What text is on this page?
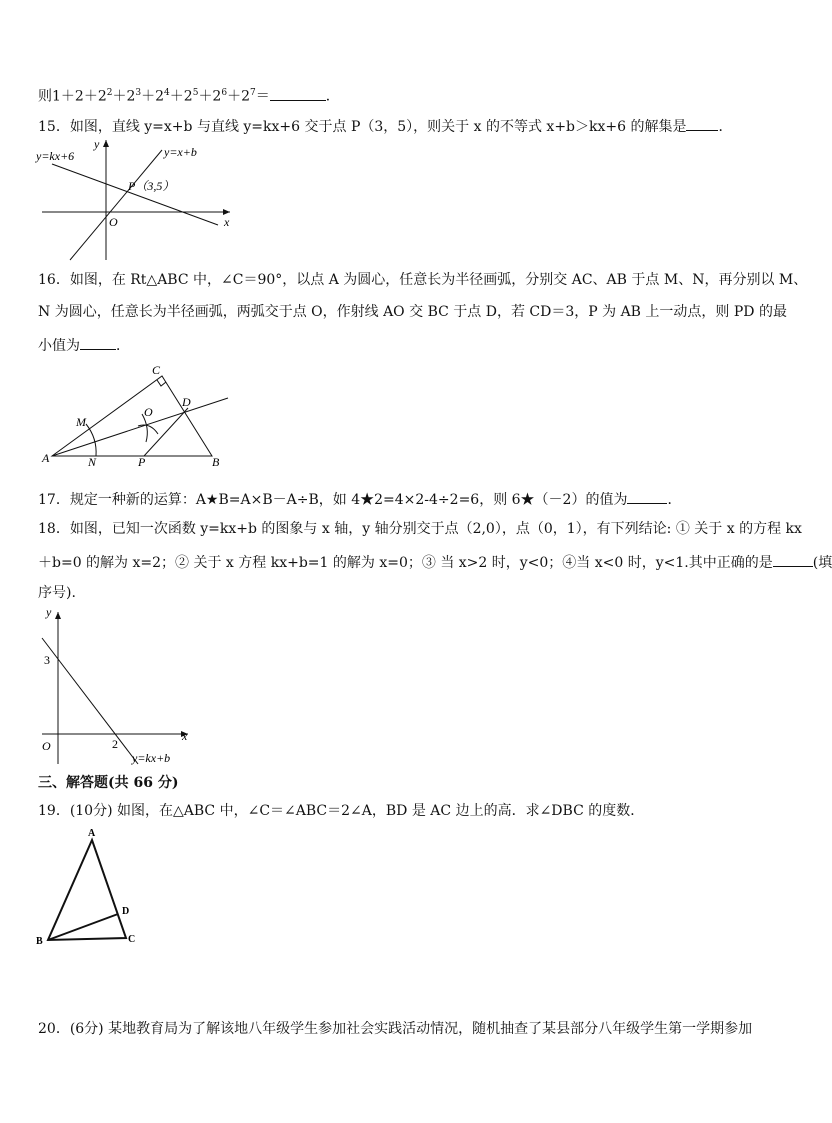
则$1+2+2^2+2^3+2^4+2^5+2^6+2^7=$	．
15．如图，直线 y=x+b 与直线 y=kx+6 交于点 P（3，5），则关于 x 的不等式 x+b＞kx+6 的解集是 ．
y=kx+6	y=x+b
y
x
O
P（3,5）
16．如图，在 Rt△ABC 中，∠C＝90°，以点 A 为圆心，任意长为半径画弧，分别交 AC、AB 于点 M、N，再分别以 M、
N 为圆心，任意长为半径画弧，两弧交于点 O，作射线 AO 交 BC 于点 D，若 CD＝3，P 为 AB 上一动点，则 PD 的最
小值为	．
A	B
C
D
M
N
O
P
17．规定一种新的运算：A★B=A×B－A÷B，如 4★2=4×2-4÷2=6，则 6★（－2）的值为	．
18．如图，已知一次函数 y=kx+b 的图象与 x 轴，y 轴分别交于点（2,0），点（0，1），有下列结论: ① 关于 x 的方程 kx
＋b=0 的解为 x=2；② 关于 x 方程 kx+b=1 的解为 x=0；③ 当 x>2 时，y<0；④当 x<0 时，y<1.其中正确的是	(填
序号).
y
x
O
3
2
y=kx+b
三、解答题(共 66 分)
19．(10分) 如图，在△ABC 中，∠C＝∠ABC＝2∠A，BD 是 AC 边上的高．求∠DBC 的度数．
A
B	C
D
20．(6分) 某地教育局为了解该地八年级学生参加社会实践活动情况，随机抽查了某县部分八年级学生第一学期参加
